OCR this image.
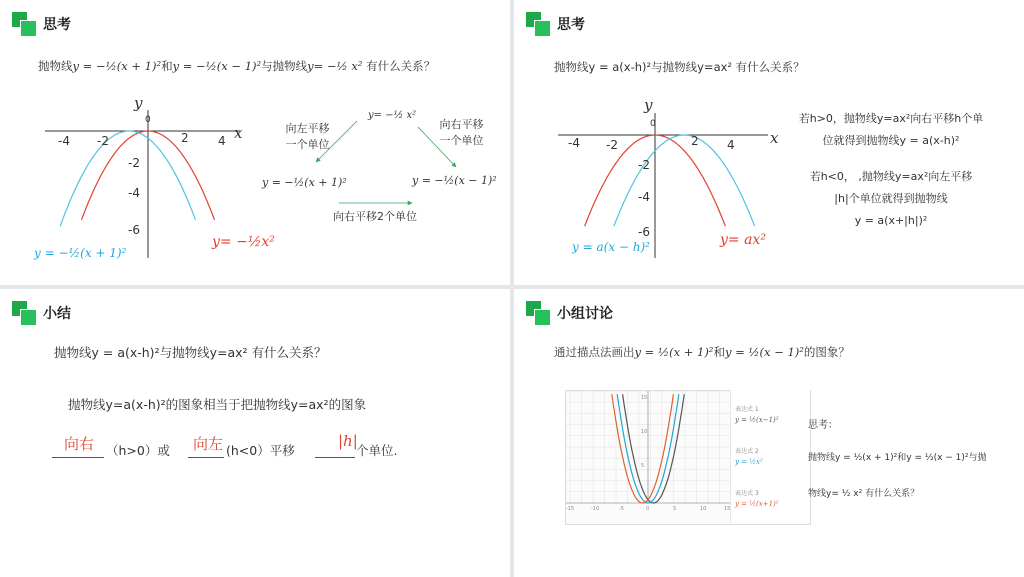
思考
抛物线y = −½(x + 1)²和y = −½(x − 1)²与抛物线y= −½ x² 有什么关系？
y
x
0
-4 -2	2 4
-2
-4
-6
y= −½x²
y = −½(x + 1)²
y= −½ x²
y = −½(x + 1)²	y = −½(x − 1)²
向左平移
一个单位
向右平移
一个单位
向右平移2个单位
思考
抛物线y = a(x-h)²与抛物线y=ax² 有什么关系？
y
x
0
-4 -2	2 4
-2
-4
-6
y = a(x − h)²	y= ax²
若h>0，抛物线y=ax²向右平移h个单
位就得到抛物线y = a(x-h)²
若h<0， ,抛物线y=ax²向左平移
|h|个单位就得到抛物线
y = a(x+|h|)²
小结
抛物线y = a(x-h)²与抛物线y=ax² 有什么关系？
抛物线y=a(x-h)²的图象相当于把抛物线y=ax²的图象
向右 （h>0）或 向左 (h<0）平移
|h|
个单位.
小组讨论
通过描点法画出y = ½(x + 1)²和y = ½(x − 1)²的图象？
-15	-10	-5	0	5	10	15
15
10
5
表达式 1
y = ½(x−1)²
表达式 2
y = ½x²
表达式 3
y = ½(x+1)²
思考：
抛物线y = ½(x + 1)²和y = ½(x − 1)²与抛
物线y= ½ x² 有什么关系？
